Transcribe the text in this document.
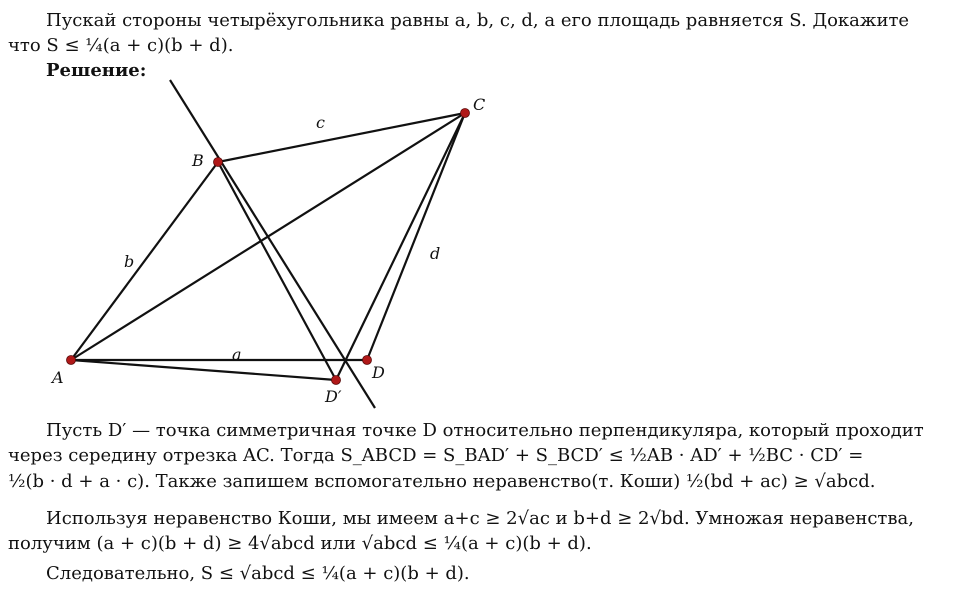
Пускай стороны четырёхугольника равны a, b, c, d, а его площадь равняется S. Докажите
что S ≤ ¼(a + c)(b + d).
Решение:
A
B
C
D
D′
a
b
c
d
Пусть D′ — точка симметричная точке D относительно перпендикуляра, который проходит
через середину отрезка AC. Тогда S_ABCD = S_BAD′ + S_BCD′ ≤ ½AB · AD′ + ½BC · CD′ =
½(b · d + a · c). Также запишем вспомогательно неравенство(т. Коши) ½(bd + ac) ≥ √abcd.
Используя неравенство Коши, мы имеем a+c ≥ 2√ac и b+d ≥ 2√bd. Умножая неравенства,
получим (a + c)(b + d) ≥ 4√abcd или √abcd ≤ ¼(a + c)(b + d).
Следовательно, S ≤ √abcd ≤ ¼(a + c)(b + d).
